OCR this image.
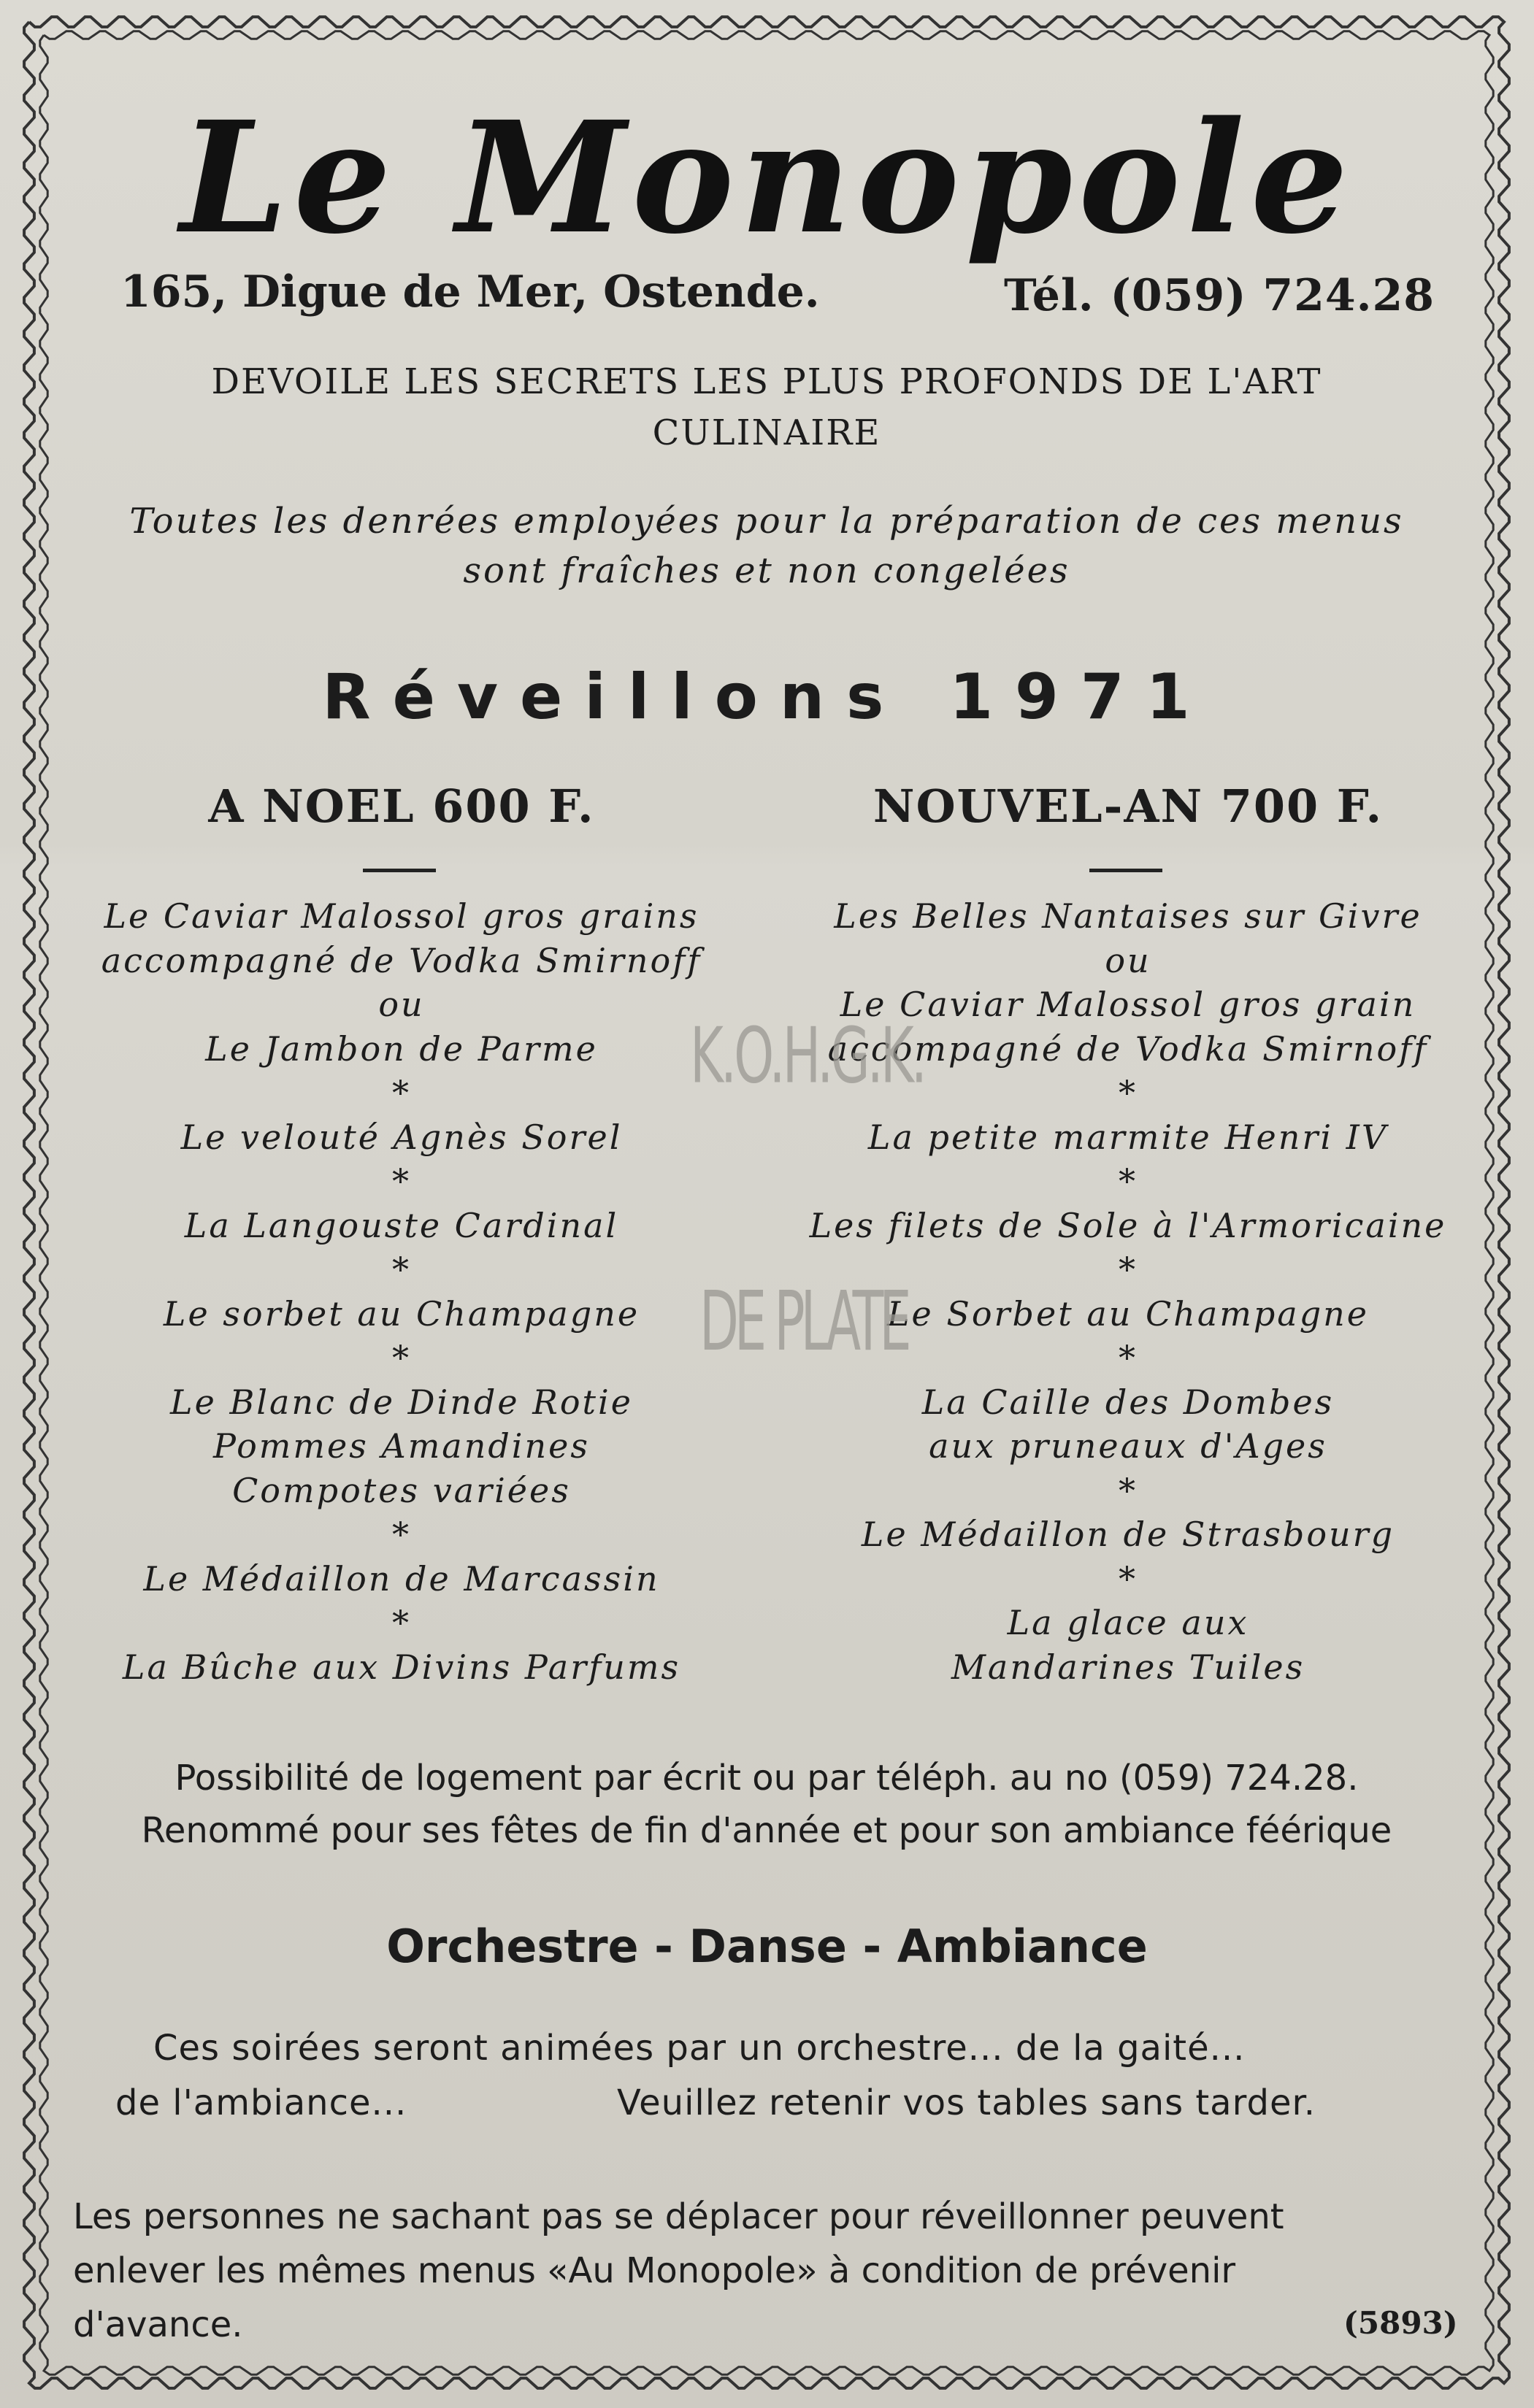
Le Monopole
165, Digue de Mer, Ostende.	Tél. (059) 724.28
DEVOILE LES SECRETS LES PLUS PROFONDS DE L'ART
CULINAIRE
Toutes les denrées employées pour la préparation de ces menus
sont fraîches et non congelées
Réveillons 1971
A NOEL 600 F.	NOUVEL-AN 700 F.
Le Caviar Malossol gros grains
accompagné de Vodka Smirnoff
ou
Le Jambon de Parme
*
Le velouté Agnès Sorel
*
La Langouste Cardinal
*
Le sorbet au Champagne
*
Le Blanc de Dinde Rotie
Pommes Amandines
Compotes variées
*
Le Médaillon de Marcassin
*
La Bûche aux Divins Parfums
Les Belles Nantaises sur Givre
ou
Le Caviar Malossol gros grain
accompagné de Vodka Smirnoff
*
La petite marmite Henri IV
*
Les filets de Sole à l'Armoricaine
*
Le Sorbet au Champagne
*
La Caille des Dombes
aux pruneaux d'Ages
*
Le Médaillon de Strasbourg
*
La glace aux
Mandarines Tuiles
K.O.H.G.K.
DE PLATE
Possibilité de logement par écrit ou par téléph. au no (059) 724.28.
Renommé pour ses fêtes de fin d'année et pour son ambiance féérique
Orchestre - Danse - Ambiance
Ces soirées seront animées par un orchestre... de la gaité...
de l'ambiance...	Veuillez retenir vos tables sans tarder.
Les personnes ne sachant pas se déplacer pour réveillonner peuvent
enlever les mêmes menus «Au Monopole» à condition de prévenir
d'avance.	(5893)
